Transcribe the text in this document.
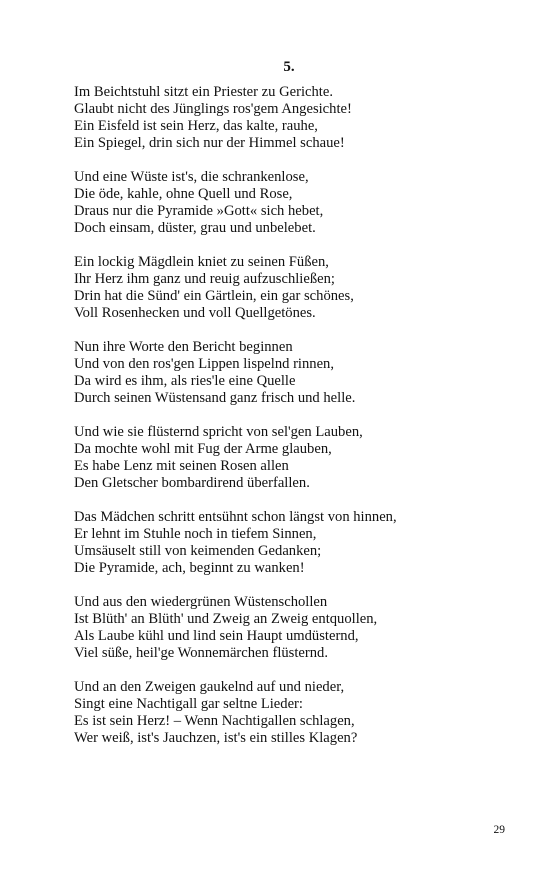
5.
Im Beichtstuhl sitzt ein Priester zu Gerichte.
Glaubt nicht des Jünglings ros'gem Angesichte!
Ein Eisfeld ist sein Herz, das kalte, rauhe,
Ein Spiegel, drin sich nur der Himmel schaue!
Und eine Wüste ist's, die schrankenlose,
Die öde, kahle, ohne Quell und Rose,
Draus nur die Pyramide »Gott« sich hebet,
Doch einsam, düster, grau und unbelebet.
Ein lockig Mägdlein kniet zu seinen Füßen,
Ihr Herz ihm ganz und reuig aufzuschließen;
Drin hat die Sünd' ein Gärtlein, ein gar schönes,
Voll Rosenhecken und voll Quellgetönes.
Nun ihre Worte den Bericht beginnen
Und von den ros'gen Lippen lispelnd rinnen,
Da wird es ihm, als ries'le eine Quelle
Durch seinen Wüstensand ganz frisch und helle.
Und wie sie flüsternd spricht von sel'gen Lauben,
Da mochte wohl mit Fug der Arme glauben,
Es habe Lenz mit seinen Rosen allen
Den Gletscher bombardirend überfallen.
Das Mädchen schritt entsühnt schon längst von hinnen,
Er lehnt im Stuhle noch in tiefem Sinnen,
Umsäuselt still von keimenden Gedanken;
Die Pyramide, ach, beginnt zu wanken!
Und aus den wiedergrünen Wüstenschollen
Ist Blüth' an Blüth' und Zweig an Zweig entquollen,
Als Laube kühl und lind sein Haupt umdüsternd,
Viel süße, heil'ge Wonnemärchen flüsternd.
Und an den Zweigen gaukelnd auf und nieder,
Singt eine Nachtigall gar seltne Lieder:
Es ist sein Herz! – Wenn Nachtigallen schlagen,
Wer weiß, ist's Jauchzen, ist's ein stilles Klagen?
29
